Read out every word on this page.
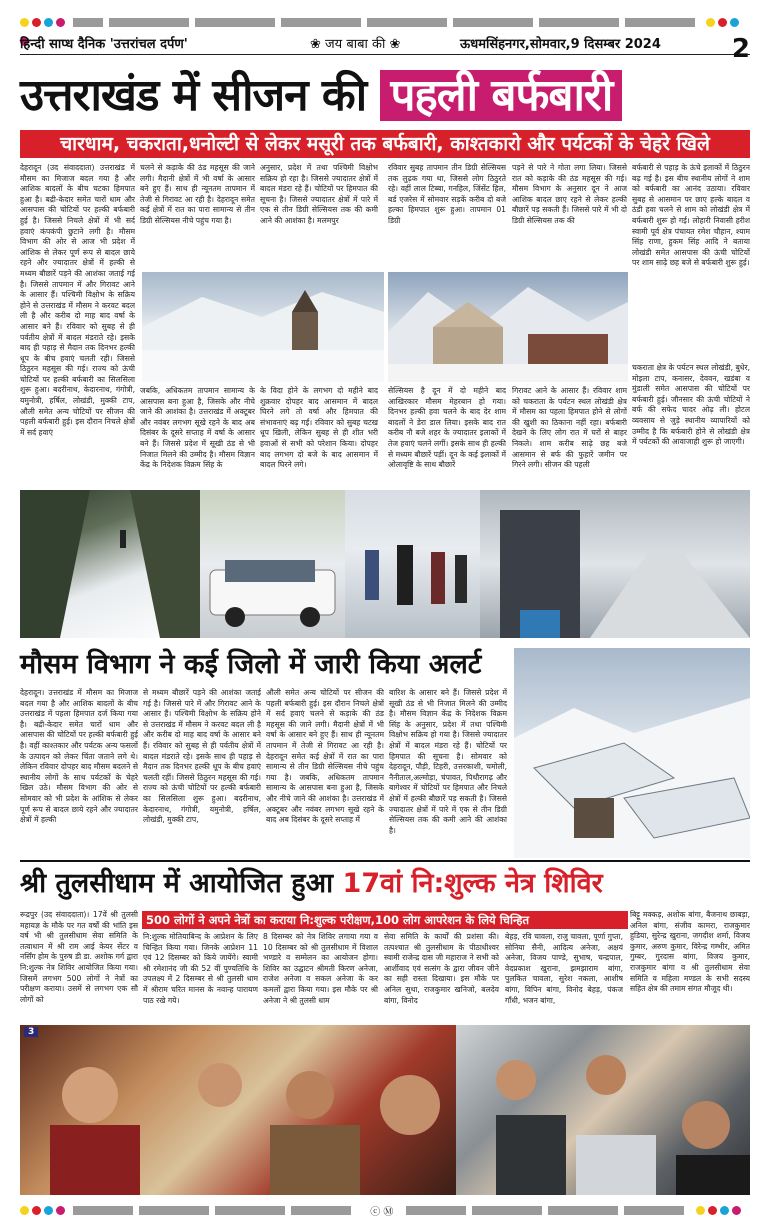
हिन्दी साप्ध दैनिक 'उत्तरांचल दर्पण'	❀ जय बाबा की ❀	ऊधमसिंहनगर,सोमवार,9 दिसम्बर 2024	2
उत्तराखंड में सीजन की पहली बर्फबारी
चारधाम, चकराता,धनोल्टी से लेकर मसूरी तक बर्फबारी, काश्तकारो और पर्यटकों के चेहरे खिले
देहरादून (उद संवाददाता) उत्तराखंड में मौसम का मिजाज बदल गया है और आशिक बादलों के बीच चटका हिमपात हुआ है। बद्री-केदार समेत चारों धाम और आसपास की चोटियों पर हल्की बर्फबारी हुई है। जिससे निचले क्षेत्रों में भी सर्द हवाएं कंपकंपी छुटाने लगी है। मौसम विभाग की ओर से आज भी प्रदेश में आंशिक से लेकर पूर्ण रूप से बादल छाये रहने और ज्यादातर क्षेत्रों में हल्की से मध्यम बौछारें पड़ने की आशंका जताई गई है। जिससे तापमान में और गिरावट आने के आसार हैं। पश्चिमी विक्षोभ के सक्रिय होने से उत्तराखंड में मौसम ने करवट बदल ली है और करीब दो माह बाद वर्षा के आसार बने हैं। रविवार को सुबह से ही पर्वतीय क्षेत्रों में बादल मंडराते रहे। इसके बाद ही पहाड़ से मैदान तक दिनभर हल्की धूप के बीच हवाएं चलती रही। जिससे ठिठुरन महसूस की गई। राज्य को ऊंची चोटियों पर हल्की बर्फबारी का सिलसिला शुरू हुआ। बदरीनाथ, केदारनाथ, गंगोत्री, यमुनोत्री, हर्षिल, लोखंडी, मुक्की टाप, औली समेत अन्य चोटियों पर सीजन की पहली बर्फबारी हुई। इस दौरान निचले क्षेत्रों में सर्द हवाएं
चलने से कड़ाके की ठंड महसूस की जाने लगी। मैदानी क्षेत्रों में भी वर्षा के आसार बने हुए हैं। साथ ही न्यूनतम तापमान में तेजी से गिरावट आ रही है। देहरादून समेत कई क्षेत्रों में रात का पारा सामान्य से तीन डिग्री सेल्सियस नीचे पहुंच गया है।
अनुसार, प्रदेश में तथा पश्चिमी विक्षोभ सक्रिय हो रहा है। जिससे ज्यादातर क्षेत्रों में बादल मंडरा रहे हैं। चोटियों पर हिमपात की सूचना है। जिससे ज्यादातर क्षेत्रों में पारे में एक से तीन डिग्री सेल्सियस तक की कमी आने की आशंका है। मलमपुर
रविवार सुबह तापमान तीन डिग्री सेल्सियस तक लुढ़क गया था, जिससे लोग ठिठुरते रहे। वहीं लाल टिब्बा, गनहिल, जिंसेंट हिल, बर्ड एजरेस में सोमवार सड़कें करीब दो बजे हल्का हिमपात शुरू हुआ। तापमान 01 डिग्री
पड़ने से पारे ने गोता लगा लिया। जिससे रात को कड़ाके की ठंड महसूस की गई। मौसम विभाग के अनुसार दून ने आज आशिक बादल छाए रहने से लेकर हल्की बौछारें पड़ सकती हैं। जिससे पारे में भी दो डिग्री सेल्सियस तक की
बर्फबारी से पहाड़ के ऊंचे इलाकों में ठिठुरन बढ़ गई है। इस बीच स्थानीय लोगों ने शाम को बर्फबारी का आनंद उठाया। रविवार सुबह से आसमान पर छाए हल्के बादल व ठंडी हवा चलने से शाम को लोखंडी क्षेत्र में बर्फबारी शुरू हो गई। लोहारी निवासी हरीश स्वामी पूर्व क्षेत्र पंचायत रमेश चौहान, श्याम सिंह राणा, हुकम सिंह आदि ने बताया लोखंडी समेत आसपास की ऊंची चोटियों पर शाम साढ़े छह बजे से बर्फबारी शुरू हुई।
जबकि, अधिकतम तापमान सामान्य के आसपास बना हुआ है, जिसके और नीचे जाने की आशंका है। उत्तराखंड में अक्टूबर और नवंबर लगभग सूखे रहने के बाद अब दिसंबर के दूसरे सप्ताह में वर्षा के आसार बने हैं। जिससे प्रदेश में सूखी ठंड से भी निजात मिलने की उम्मीद है। मौसम विज्ञान केंद्र के निदेशक विक्रम सिंह के
के विदा होने के लगभग दो महीने बाद शुक्रवार दोपहर बाद आसमान में बादल घिरने लगे तो वर्षा और हिमपात की संभावनाएं बढ़ गईं। रविवार को सुबह चटख धूप खिली, लेकिन सुबह से ही शीत भरी हवाओं से सभी को परेशान किया। दोपहर बाद लगभग दो बजे के बाद आसमान में बादल घिरने लगे।
सेल्सियस है दून में दो महीने बाद आखिरकार मौसम मेहरबान हो गया। दिनभर हल्की हवा चलने के बाद देर शाम बादलों ने डेरा डाल लिया। इसके बाद रात करीब नौ बजे शहर के ज्यादातर इलाकों में तेज हवाएं चलने लगीं। इसके साथ ही हल्की से मध्यम बौछारें पड़ीं। दून के कई इलाकों में ओलावृष्टि के साथ बौछारें
गिरावट आने के आसार हैं। रविवार शाम को चकराता के पर्यटन स्थल लोखंडी क्षेत्र में मौसम का पहला हिमपात होने से लोगों की खुशी का ठिकाना नहीं रहा। बर्फबारी देखने के लिए लोग रात में घरों से बाहर निकले। शाम करीब साढ़े छह बजे आसमान से बर्फ की फुहारें जमीन पर गिरने लगी। सीजन की पहली
चकराता क्षेत्र के पर्यटन स्थल लोखंडी, बुधेर, मोइला टाप, कनासर, देववन, खडंबा व मुंडाली समेत आसपास की चोटियों पर बर्फबारी हुई। जौनसार की ऊंची चोटियों ने बर्फ की सफेद चादर ओढ़ ली। होटल व्यवसाय से जुड़े स्थानीय व्यापारियों को उम्मीद है कि बर्फबारी होने से लोखंडी क्षेत्र में पर्यटकों की आवाजाही शुरू हो जाएगी।
मौसम विभाग ने कई जिलो में जारी किया अलर्ट
देहरादून। उत्तराखंड में मौसम का मिजाज बदल गया है और आशिक बादलों के बीच उत्तराखंड में पहला हिमपात दर्ज किया गया है। बद्री-केदार समेत चारों धाम और आसपास की चोटियों पर हल्की बर्फबारी हुई है। वहीं काश्तकार और पर्यटक अन्य फसलों के उत्पादन को लेकर चिंता जताने लगे थे। लेकिन रविवार दोपहर बाद मौसम बदलने से स्थानीय लोगों के साथ पर्यटकों के चेहरे खिल उठे। मौसम विभाग की ओर से सोमवार को भी प्रदेश के आंशिक से लेकर पूर्ण रूप से बादल छाये रहने और ज्यादातर क्षेत्रों में हल्की
से मध्यम बौछारें पड़ने की आशंका जताई गई है। जिससे पारे में और गिरावट आने के आसार हैं। पश्चिमी विक्षोभ के सक्रिय होने से उत्तराखंड में मौसम ने करवट बदल ली है और करीब दो माह बाद वर्षा के आसार बने हैं। रविवार को सुबह से ही पर्वतीय क्षेत्रों में बादल मंडराते रहे। इसके साथ ही पहाड़ से मैदान तक दिनभर हल्की धूप के बीच हवाएं चलती रहीं। जिससे ठिठुरन महसूस की गई। राज्य को ऊंची चोटियों पर हल्की बर्फबारी का सिलसिला शुरू हुआ। बदरीनाथ, केदारनाथ, गंगोत्री, यमुनोत्री, हर्षिल, लोखंडी, मुक्की टाप,
औली समेत अन्य चोटियों पर सीजन की पहली बर्फबारी हुई। इस दौरान निचले क्षेत्रों में सर्द हवाएं चलने से कड़ाके की ठंड महसूस की जाने लगी। मैदानी क्षेत्रों में भी वर्षा के आसार बने हुए हैं। साथ ही न्यूनतम तापमान में तेजी से गिरावट आ रही है। देहरादून समेत कई क्षेत्रों में रात का पारा सामान्य से तीन डिग्री सेल्सियस नीचे पहुंच गया है। जबकि, अधिकतम तापमान सामान्य के आसपास बना हुआ है, जिसके और नीचे जाने की आशंका है। उत्तराखंड में अक्टूबर और नवंबर लगभग सूखे रहने के बाद अब दिसंबर के दूसरे सप्ताह में
बारिश के आसार बने हैं। जिससे प्रदेश में सूखी ठंड से भी निजात मिलने की उम्मीद है। मौसम विज्ञान केंद्र के निदेशक विक्रम सिंह के अनुसार, प्रदेश में तथा पश्चिमी विक्षोभ सक्रिय हो गया है। जिससे ज्यादातर क्षेत्रों में बादल मंडरा रहे हैं। चोटियों पर हिमपात की सूचना है। सोमवार को देहरादून, पौड़ी, टिहरी, उत्तरकाशी, चमोली, नैनीताल,अल्मोड़ा, चंपावत, पिथौरागढ़ और बागेश्वर में चोटियों पर हिमपात और निचले क्षेत्रों में हल्की बौछारें पड़ सकती है। जिससे ज्यादातर क्षेत्रों में पारे में एक से तीन डिग्री सेल्सियस तक की कमी आने की आशंका है।
श्री तुलसीधाम में आयोजित हुआ 17वां नि:शुल्क नेत्र शिविर
500 लोगों ने अपने नेत्रों का कराया नि:शुल्क परीक्षण,100 लोग आपरेशन के लिये चिन्हित
रूद्रपुर (उद संवाददाता)। 17वें श्री तुलसी महायज्ञ के मौके पर गत वर्षों की भांति इस वर्ष भी श्री तुलसीधाम सेवा समिति के तत्वाधान में श्री राम आई केयर सेंटर व नर्सिंग होम के पुरुष डी डा. अशोक गर्ग द्वारा नि:शुल्क नेत्र शिविर आयोजित किया गया। जिसमें लगभग 500 लोगों ने नेत्रों का परीक्षण कराया। उसमें से लगभग एक सौ लोगों को
नि:शुल्क मोतियाबिन्द के आप्रेशन के लिए चिन्हित किया गया। जिनके आप्रेशन 11 एवं 12 दिसम्बर को किये जायेंगे। स्वामी श्री रमेशानंद जी की 52 वीं पुण्यतिथि के उपलक्ष्य में 2 दिसम्बर से श्री तुलसी धाम में श्रीराम चरित मानस के नवान्ह पारायण पाठ रखे गये।
8 दिसम्बर को नेत्र शिविर लगाया गया व 10 दिसम्बर को श्री तुलसीधाम में विशाल भण्डारे व सम्मेलन का आयोजन होगा। शिविर का उद्घाटन श्रीमती किरण अनेजा, राजेश अनेजा व सकल अनेजा के कर कमलों द्वारा किया गया। इस मौके पर श्री अनेजा ने श्री तुलसी धाम
सेवा समिति के कार्यों की प्रशंसा की। तत्पश्चात श्री तुलसीधाम के पीठाधीश्वर स्वामी राजेन्द्र दास जी महाराज ने सभी को आर्शीवाद एवं सत्संग के द्वारा जीवन जीने का सही रास्ता दिखाया। इस मौके पर अनिल सुथा, राजकुमार खनिजो, बलदेव बांगा, विनोद
बेहड़, रवि चावला, राजु चावला, पूर्णा गुप्ता, सोनिया सैनी, आदित्य अनेजा, अक्षयं अनेजा, विजय पाण्डे, सुभाष, चन्द्रपाल, वेदप्रकाश खुराना, झमझाराम बांगा, पुलकित चावला, सुरेश नकला, आशीष बांगा, विपिन बांगा, विनोद बेहड़, पंकज गाँधी, भजन बांगा,
बिट्टू मक्कड़, अशोक बांगा, बैजनाथ छाबड़ा, अनिल बांगा, संजीव कामरा, राजकुमार हुडिया, सुरेन्द्र खुराना, जगदीश शर्मा, विजय कुमार, अरुण कुमार, विरेन्द्र गम्भीर, अमित गुम्बर, गुरदास बांगा, विजय कुमार, राजकुमार बांगा व श्री तुलसीधाम सेवा समिति व महिला मण्डल के सभी सदस्य सहित क्षेत्र की तमाम संगत मौजूद थी।
3
ⓒ Ⓜ
